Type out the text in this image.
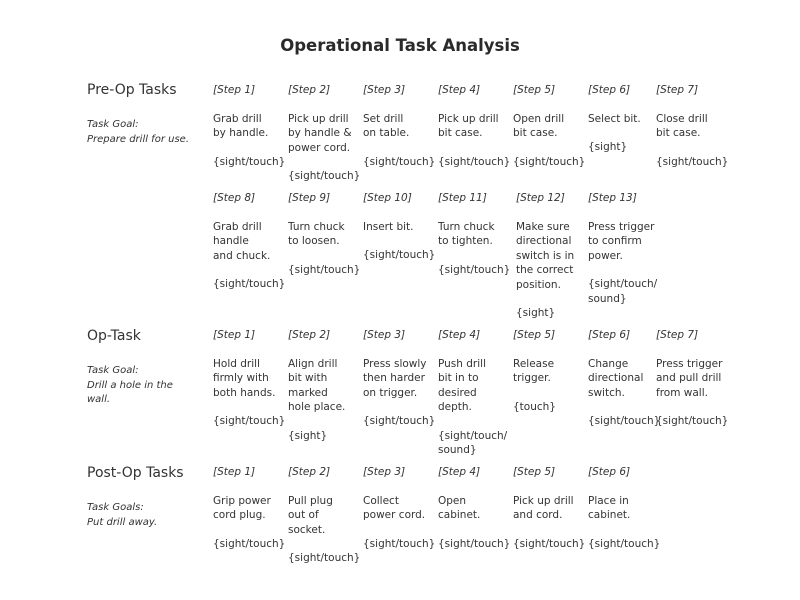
Operational Task Analysis
Pre-Op Tasks
Task Goal:
Prepare drill for use.
Op-Task
Task Goal:
Drill a hole in the wall.
Post-Op Tasks
Task Goals:
Put drill away.
[Step 1]
Grab drill
by handle.
{sight/touch}
[Step 2]
Pick up drill
by handle &
power cord.
{sight/touch}
[Step 3]
Set drill
on table.
{sight/touch}
[Step 4]
Pick up drill
bit case.
{sight/touch}
[Step 5]
Open drill
bit case.
{sight/touch}
[Step 6]
Select bit.
{sight}
[Step 7]
Close drill
bit case.
{sight/touch}
[Step 8]
Grab drill
handle
and chuck.
{sight/touch}
[Step 9]
Turn chuck
to loosen.
{sight/touch}
[Step 10]
Insert bit.
{sight/touch}
[Step 11]
Turn chuck
to tighten.
{sight/touch}
[Step 12]
Make sure
directional
switch is in
the correct
position.
{sight}
[Step 13]
Press trigger
to confirm
power.
{sight/touch/
sound}
[Step 1]
Hold drill
firmly with
both hands.
{sight/touch}
[Step 2]
Align drill
bit with
marked
hole place.
{sight}
[Step 3]
Press slowly
then harder
on trigger.
{sight/touch}
[Step 4]
Push drill
bit in to
desired
depth.
{sight/touch/
sound}
[Step 5]
Release
trigger.
{touch}
[Step 6]
Change
directional
switch.
{sight/touch}
[Step 7]
Press trigger
and pull drill
from wall.
{sight/touch}
[Step 1]
Grip power
cord plug.
{sight/touch}
[Step 2]
Pull plug
out of
socket.
{sight/touch}
[Step 3]
Collect
power cord.
{sight/touch}
[Step 4]
Open
cabinet.
{sight/touch}
[Step 5]
Pick up drill
and cord.
{sight/touch}
[Step 6]
Place in
cabinet.
{sight/touch}
